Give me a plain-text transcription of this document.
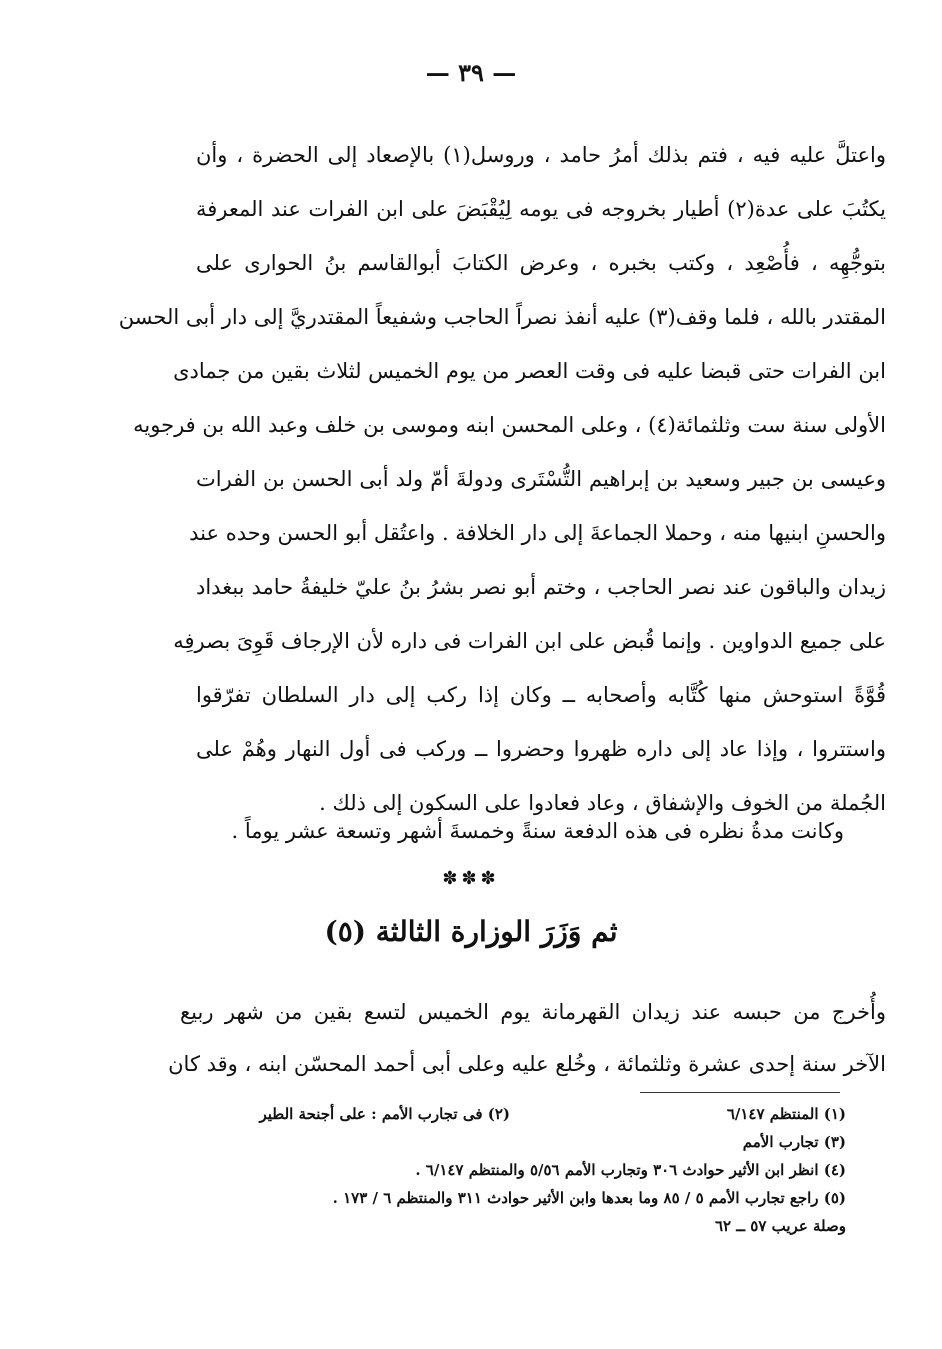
— ٣٩ —
واعتلَّ عليه فيه ، فتم بذلك أمرُ حامد ، وروسل(١) بالإصعاد إلى الحضرة ، وأن
يكتُبَ على عدة(٢) أطيار بخروجه فى يومه لِيُقْبَضَ على ابن الفرات عند المعرفة
بتوجُّهِه ، فأُصْعِد ، وكتب بخبره ، وعرض الكتابَ أبوالقاسم بنُ الحوارى على
المقتدر بالله ، فلما وقف(٣) عليه أنفذ نصراً الحاجب وشفيعاً المقتدريَّ إلى دار أبى الحسن
ابن الفرات حتى قبضا عليه فى وقت العصر من يوم الخميس لثلاث بقين من جمادى
الأولى سنة ست وثلثمائة(٤) ، وعلى المحسن ابنه وموسى بن خلف وعبد الله بن فرجويه
وعيسى بن جبير وسعيد بن إبراهيم التُّسْتَرى ودولةَ أمّ ولد أبى الحسن بن الفرات
والحسنِ ابنيها منه ، وحملا الجماعةَ إلى دار الخلافة . واعتُقل أبو الحسن وحده عند
زيدان والباقون عند نصر الحاجب ، وختم أبو نصر بشرُ بنُ عليّ خليفةُ حامد ببغداد
على جميع الدواوين . وإنما قُبض على ابن الفرات فى داره لأن الإرجاف قَوِىَ بصرفِه
قُوَّةً استوحش منها كُتَّابه وأصحابه ــ وكان إذا ركب إلى دار السلطان تفرّقوا
واستتروا ، وإذا عاد إلى داره ظهروا وحضروا ــ وركب فى أول النهار وهُمْ على
الجُملة من الخوف والإشفاق ، وعاد فعادوا على السكون إلى ذلك .
وكانت مدةُ نظره فى هذه الدفعة سنةً وخمسةَ أشهر وتسعة عشر يوماً .
✽✽✽
ثم وَزَرَ الوزارة الثالثة (٥)
وأُخرج من حبسه عند زيدان القهرمانة يوم الخميس لتسع بقين من شهر ربيع
الآخر سنة إحدى عشرة وثلثمائة ، وخُلع عليه وعلى أبى أحمد المحسّن ابنه ، وقد كان
(١) المنتظم ٦/١٤٧
(٢) فى تجارب الأمم : على أجنحة الطير
(٣) تجارب الأمم
(٤) انظر ابن الأثير حوادث ٣٠٦ وتجارب الأمم ٥/٥٦ والمنتظم ٦/١٤٧ .
(٥) راجع تجارب الأمم ٥ / ٨٥ وما بعدها وابن الأثير حوادث ٣١١ والمنتظم ٦ / ١٧٣ .
وصلة عريب ٥٧ ــ ٦٢
